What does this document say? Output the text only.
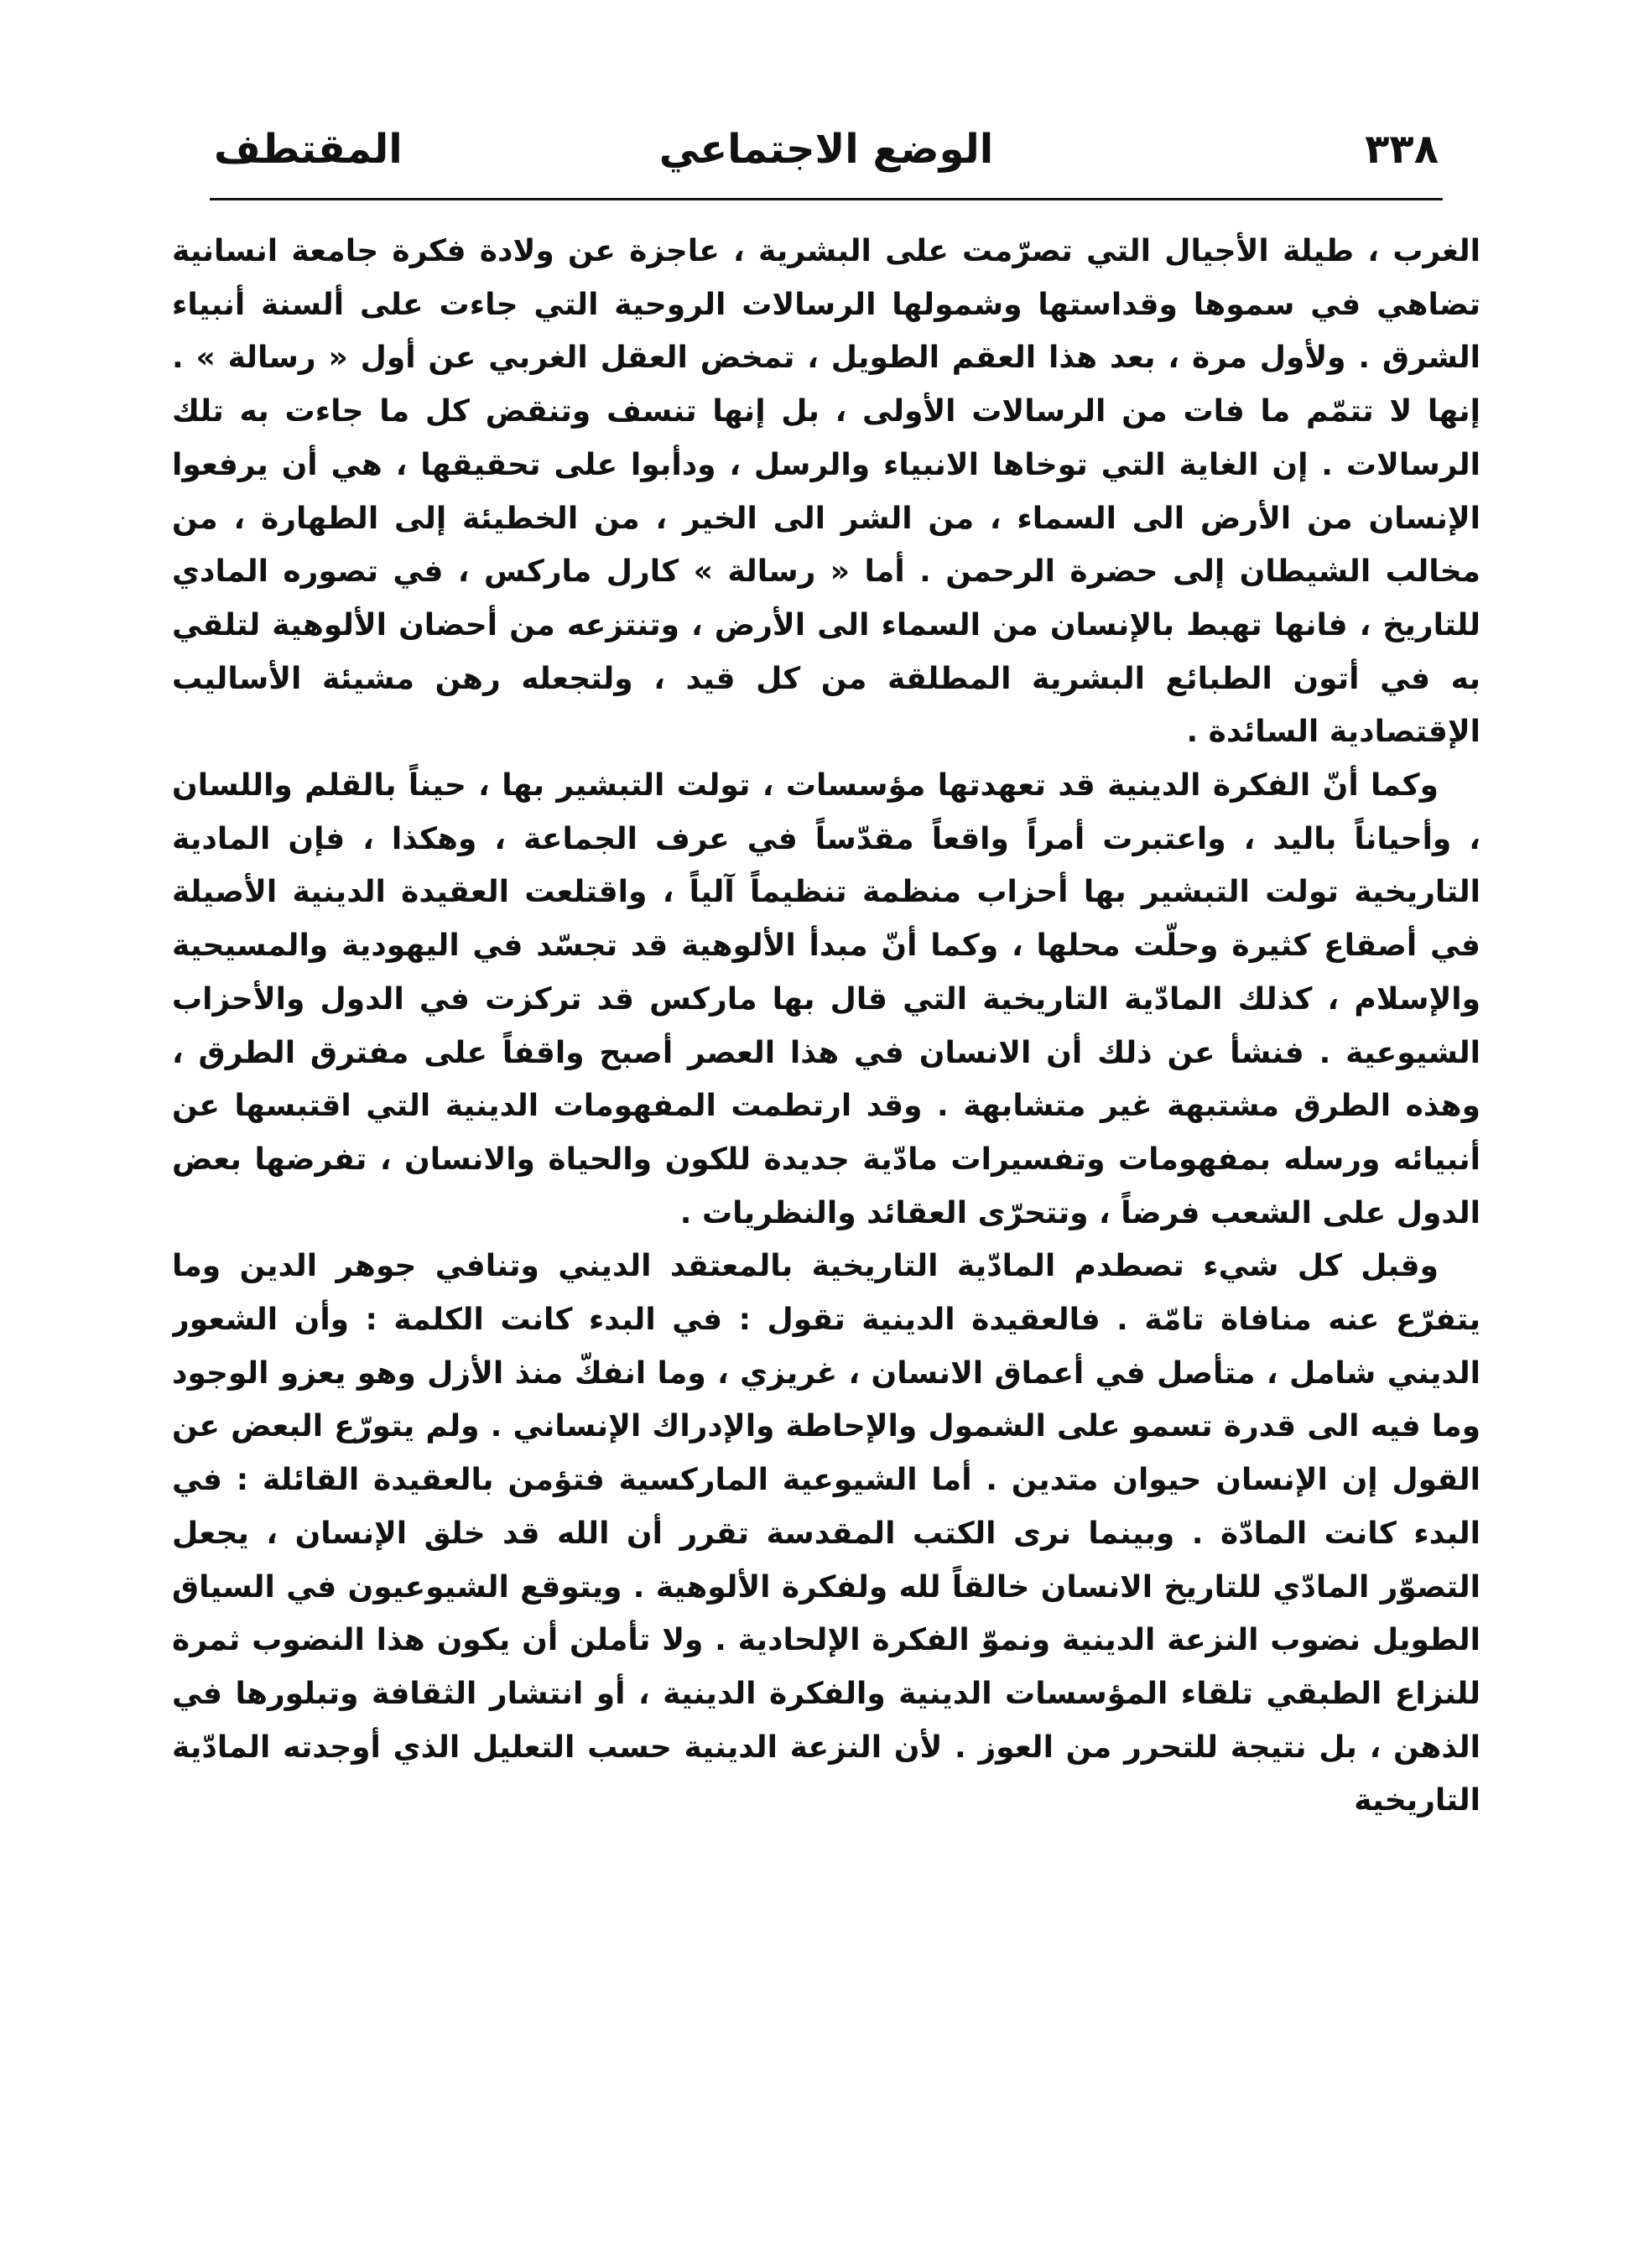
٣٣٨
الوضع الاجتماعي
المقتطف

الغرب ، طيلة الأجيال التي تصرّمت على البشرية ، عاجزة عن ولادة فكرة جامعة انسانية تضاهي في سموها وقداستها وشمولها الرسالات الروحية التي جاءت على ألسنة أنبياء الشرق . ولأول مرة ، بعد هذا العقم الطويل ، تمخض العقل الغربي عن أول « رسالة » . إنها لا تتمّم ما فات من الرسالات الأولى ، بل إنها تنسف وتنقض كل ما جاءت به تلك الرسالات . إن الغاية التي توخاها الانبياء والرسل ، ودأبوا على تحقيقها ، هي أن يرفعوا الإنسان من الأرض الى السماء ، من الشر الى الخير ، من الخطيئة إلى الطهارة ، من مخالب الشيطان إلى حضرة الرحمن . أما « رسالة » كارل ماركس ، في تصوره المادي للتاريخ ، فانها تهبط بالإنسان من السماء الى الأرض ، وتنتزعه من أحضان الألوهية لتلقي به في أتون الطبائع البشرية المطلقة من كل قيد ، ولتجعله رهن مشيئة الأساليب الإقتصادية السائدة .

وكما أنّ الفكرة الدينية قد تعهدتها مؤسسات ، تولت التبشير بها ، حيناً بالقلم واللسان ، وأحياناً باليد ، واعتبرت أمراً واقعاً مقدّساً في عرف الجماعة ، وهكذا ، فإن المادية التاريخية تولت التبشير بها أحزاب منظمة تنظيماً آلياً ، واقتلعت العقيدة الدينية الأصيلة في أصقاع كثيرة وحلّت محلها ، وكما أنّ مبدأ الألوهية قد تجسّد في اليهودية والمسيحية والإسلام ، كذلك المادّية التاريخية التي قال بها ماركس قد تركزت في الدول والأحزاب الشيوعية . فنشأ عن ذلك أن الانسان في هذا العصر أصبح واقفاً على مفترق الطرق ، وهذه الطرق مشتبهة غير متشابهة . وقد ارتطمت المفهومات الدينية التي اقتبسها عن أنبيائه ورسله بمفهومات وتفسيرات مادّية جديدة للكون والحياة والانسان ، تفرضها بعض الدول على الشعب فرضاً ، وتتحرّى العقائد والنظريات .

وقبل كل شيء تصطدم المادّية التاريخية بالمعتقد الديني وتنافي جوهر الدين وما يتفرّع عنه منافاة تامّة . فالعقيدة الدينية تقول : في البدء كانت الكلمة : وأن الشعور الديني شامل ، متأصل في أعماق الانسان ، غريزي ، وما انفكّ منذ الأزل وهو يعزو الوجود وما فيه الى قدرة تسمو على الشمول والإحاطة والإدراك الإنساني . ولم يتورّع البعض عن القول إن الإنسان حيوان متدين . أما الشيوعية الماركسية فتؤمن بالعقيدة القائلة : في البدء كانت المادّة . وبينما نرى الكتب المقدسة تقرر أن الله قد خلق الإنسان ، يجعل التصوّر المادّي للتاريخ الانسان خالقاً لله ولفكرة الألوهية . ويتوقع الشيوعيون في السياق الطويل نضوب النزعة الدينية ونموّ الفكرة الإلحادية . ولا تأملن أن يكون هذا النضوب ثمرة للنزاع الطبقي تلقاء المؤسسات الدينية والفكرة الدينية ، أو انتشار الثقافة وتبلورها في الذهن ، بل نتيجة للتحرر من العوز . لأن النزعة الدينية حسب التعليل الذي أوجدته المادّية التاريخية
